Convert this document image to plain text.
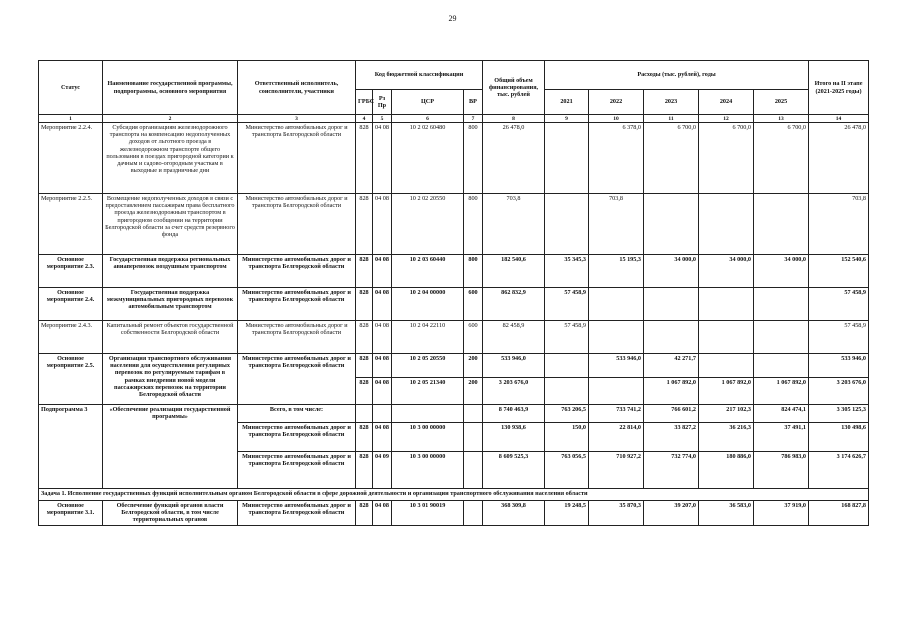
29
Статус	Наименование государственной программы, подпрограммы, основного мероприятия	Ответственный исполнитель, соисполнители, участники	Код бюджетной классификации				Общий объем финансирования, тыс. рублей	Расходы (тыс. рублей), годы					Итого на II этапе (2021-2025 годы)
			ГРБС	Рз Пр	ЦСР	ВР		2021	2022	2023	2024	2025	
1	2	3	4	5	6	7	8	9	10	11	12	13	14
Мероприятие 2.2.4.	Субсидия организациям железнодорожного транспорта на компенсацию недополученных доходов от льготного проезда в железнодорожном транспорте общего пользования в поездах пригородной категории к дачным и садово-огородным участкам в выходные и праздничные дни	Министерство автомобильных дорог и транспорта Белгородской области	828	04 08	10 2 02 60480	800	26 478,0		6 378,0	6 700,0	6 700,0	6 700,0	26 478,0
Мероприятие 2.2.5.	Возмещение недополученных доходов в связи с предоставлением пассажирам права бесплатного проезда железнодорожным транспортом в пригородном сообщении на территории Белгородской области за счет средств резервного фонда	Министерство автомобильных дорог и транспорта Белгородской области	828	04 08	10 2 02 20550	800	703,8		703,8				703,8
Основное мероприятие 2.3.	Государственная поддержка региональных авиаперевозок воздушным транспортом	Министерство автомобильных дорог и транспорта Белгородской области	828	04 08	10 2 03 60440	800	182 540,6	35 345,3	15 195,3	34 000,0	34 000,0	34 000,0	152 540,6
Основное мероприятие 2.4.	Государственная поддержка межмуниципальных пригородных перевозок автомобильным транспортом	Министерство автомобильных дорог и транспорта Белгородской области	828	04 08	10 2 04 00000	600	862 832,9	57 458,9					57 458,9
Мероприятие 2.4.3.	Капитальный ремонт объектов государственной собственности Белгородской области	Министерство автомобильных дорог и транспорта Белгородской области	828	04 08	10 2 04 22110	600	82 458,9	57 458,9					57 458,9
Основное мероприятие 2.5.	Организация транспортного обслуживания населения для осуществления регулярных перевозок по регулируемым тарифам в рамках внедрения новой модели пассажирских перевозок на территории Белгородской области	Министерство автомобильных дорог и транспорта Белгородской области	828	04 08	10 2 05 20550	200	533 946,0		533 946,0	42 271,7			533 946,0
			828	04 08	10 2 05 21340	200	3 203 676,0			1 067 892,0	1 067 892,0	1 067 892,0	3 203 676,0
Подпрограмма 3	«Обеспечение реализации государственной программы»	Всего, в том числе:					8 740 463,9	763 206,5	733 741,2	766 601,2	217 102,3	824 474,1	3 305 125,3
		Министерство автомобильных дорог и транспорта Белгородской области	828	04 08	10 3 00 00000		130 938,6	150,0	22 814,0	33 827,2	36 216,3	37 491,1	130 498,6
		Министерство автомобильных дорог и транспорта Белгородской области	828	04 09	10 3 00 00000		8 609 525,3	763 056,5	710 927,2	732 774,0	180 886,0	786 983,0	3 174 626,7
Задача 1. Исполнение государственных функций исполнительным органом Белгородской области в сфере дорожной деятельности и организации транспортного обслуживания населения области													
Основное мероприятие 3.1.	Обеспечение функций органов власти Белгородской области, в том числе территориальных органов	Министерство автомобильных дорог и транспорта Белгородской области	828	04 08	10 3 01 90019		368 309,8	19 248,5	35 870,3	39 207,0	36 583,0	37 919,0	168 827,8
